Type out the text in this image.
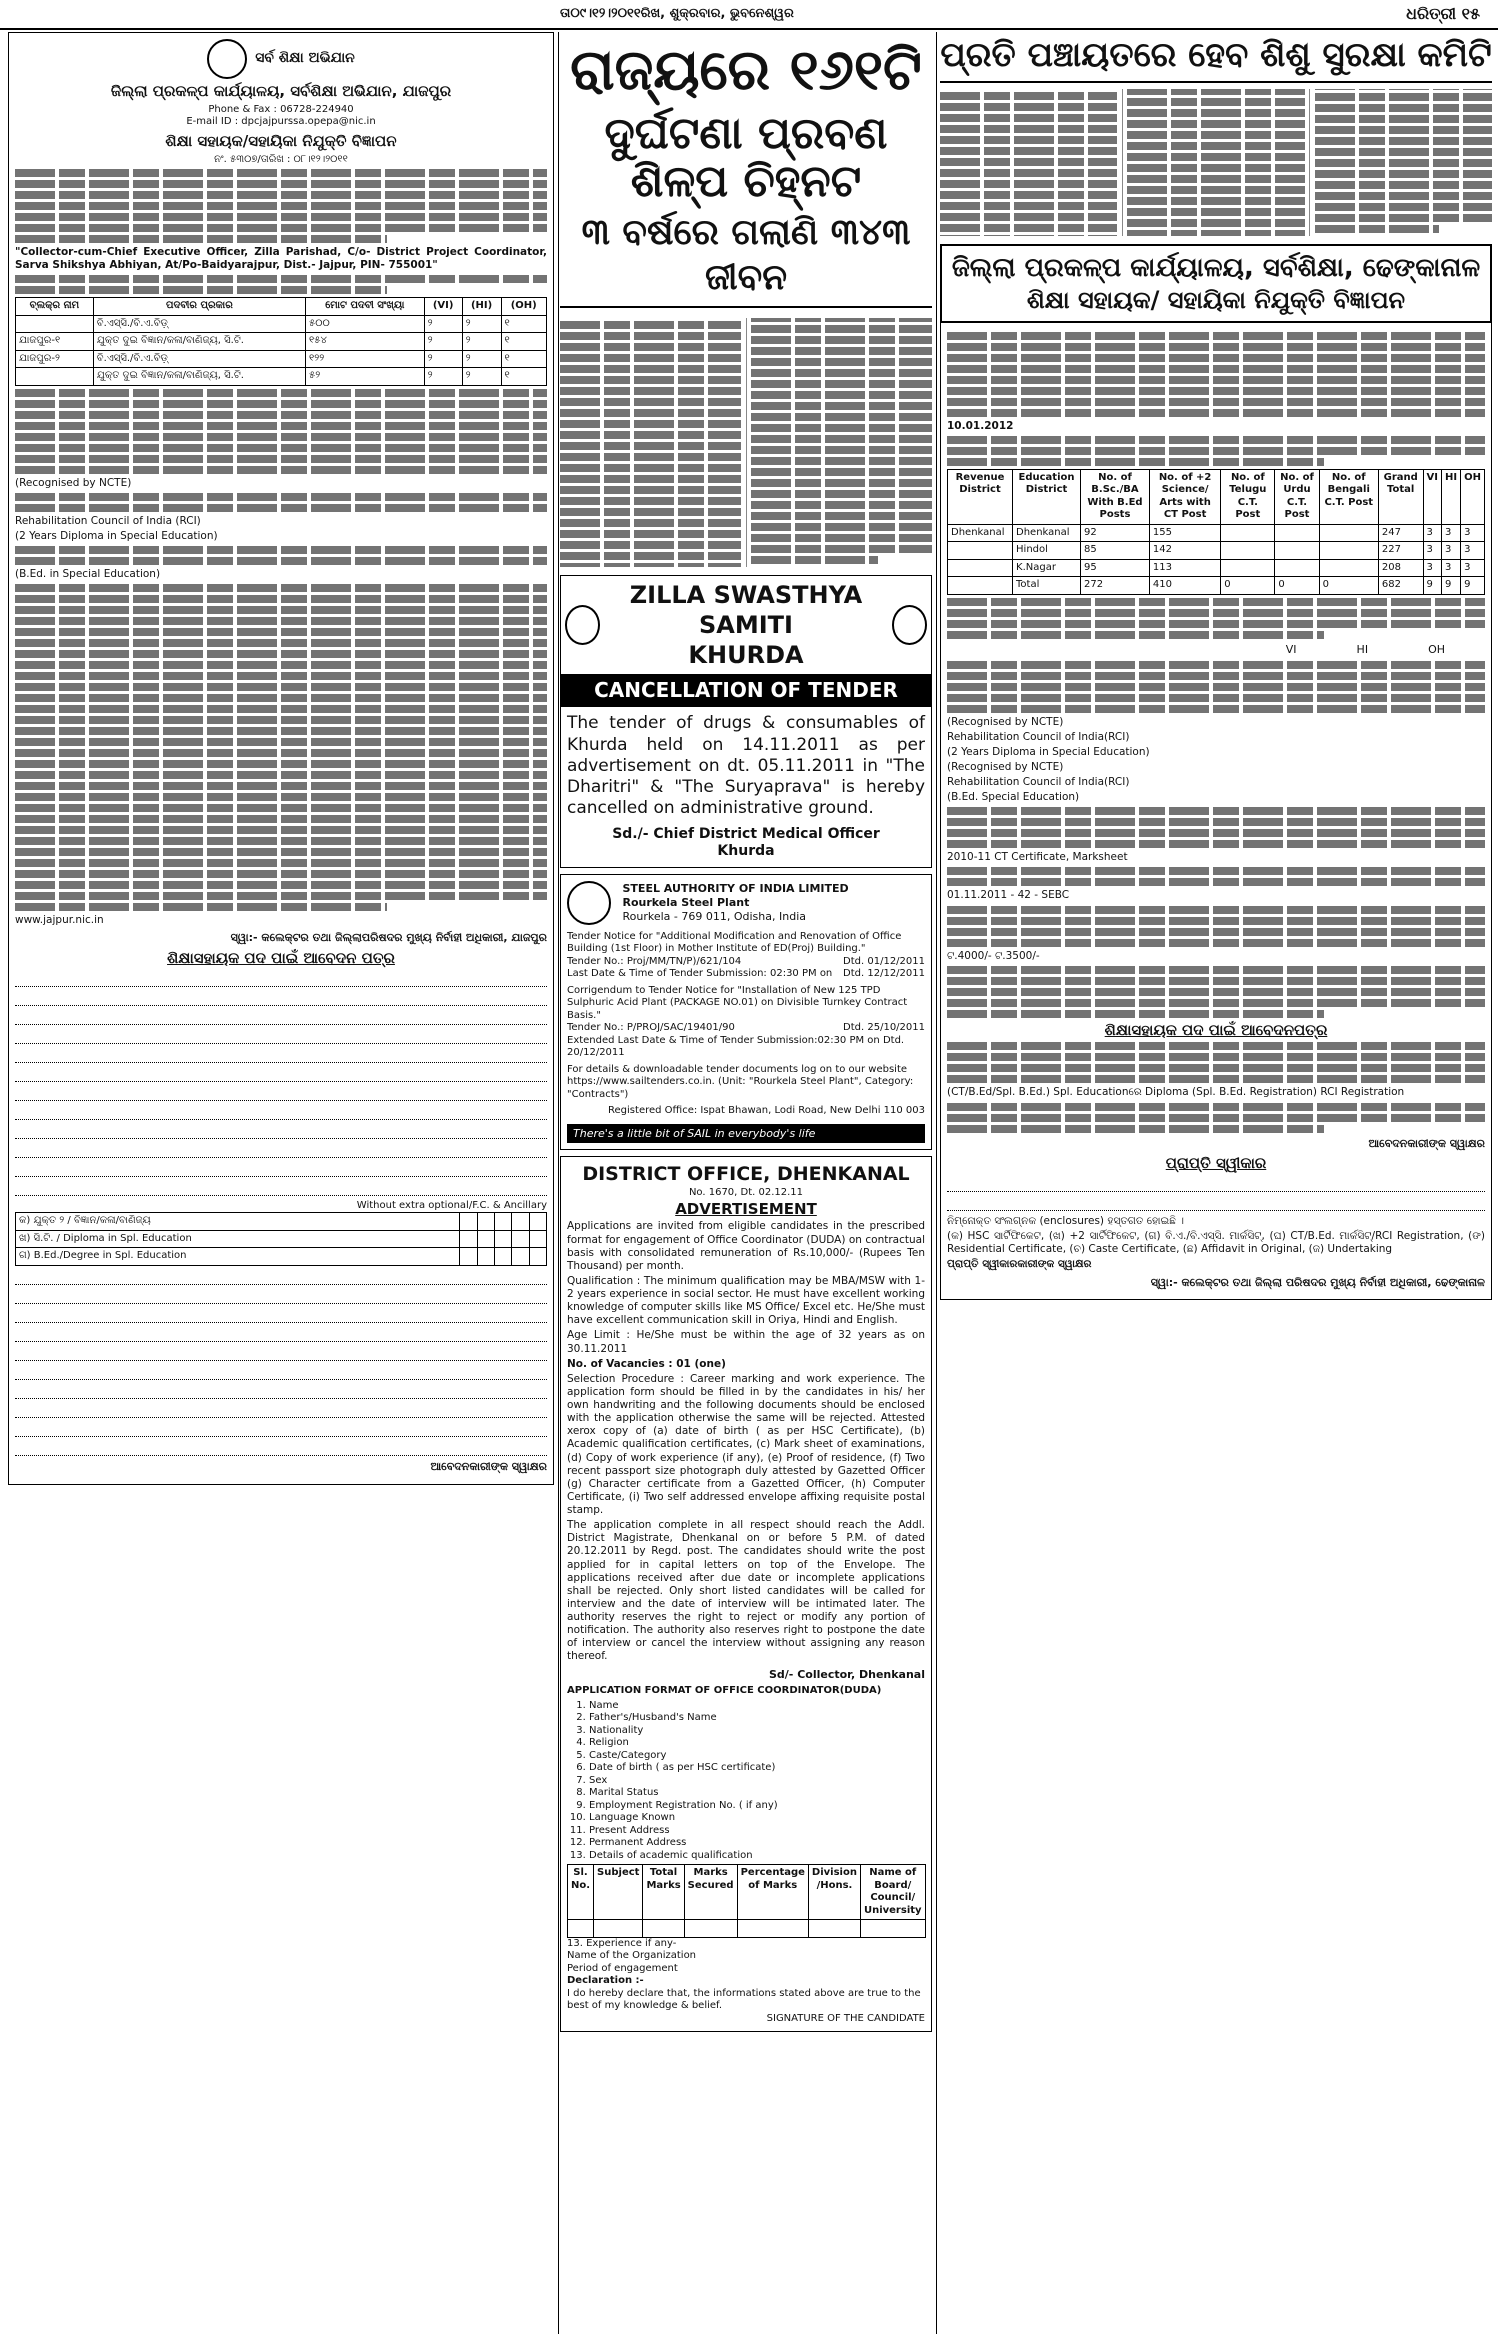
ତା୦୯।୧୨।୨୦୧୧ରିଖ, ଶୁକ୍ରବାର, ଭୁବନେଶ୍ୱର	ଧରିତ୍ରୀ ୧୫
ସର୍ବ ଶିକ୍ଷା ଅଭିଯାନ
ଜିଲ୍ଲା ପ୍ରକଳ୍ପ କାର୍ଯ୍ୟାଳୟ, ସର୍ବଶିକ୍ଷା ଅଭିଯାନ, ଯାଜପୁର
Phone & Fax : 06728-224940
E-mail ID : dpcjajpurssa.opepa@nic.in
ଶିକ୍ଷା ସହାୟକ/ସହାୟିକା ନିଯୁକ୍ତି ବିଜ୍ଞାପନ
ନଂ. ୫୩୦୭/ତାରିଖ : ୦୮।୧୨।୨୦୧୧
"Collector-cum-Chief Executive Officer, Zilla Parishad, C/o- District Project Coordinator, Sarva Shikshya Abhiyan, At/Po-Baidyarajpur, Dist.- Jajpur, PIN- 755001"
ବ୍ଲକ୍‌ର ନାମ	ପଦବୀର ପ୍ରକାର	ମୋଟ ପଦବୀ ସଂଖ୍ୟା	(VI)	(HI)	(OH)
	ବି.ଏସ୍‌ସି./ବି.ଏ.ବିଡ଼୍	୫୦୦	୨	୨	୧
ଯାଜପୁର-୧	ଯୁକ୍ତ ଦୁଇ ବିଜ୍ଞାନ/କଳା/ବାଣିଜ୍ୟ, ସି.ଟି.	୧୫୪	୨	୨	୧
ଯାଜପୁର-୨	ବି.ଏସ୍‌ସି./ବି.ଏ.ବିଡ଼୍	୧୨୨	୨	୨	୧
	ଯୁକ୍ତ ଦୁଇ ବିଜ୍ଞାନ/କଳା/ବାଣିଜ୍ୟ, ସି.ଟି.	୫୨	୨	୨	୧
(Recognised by NCTE)
Rehabilitation Council of India (RCI)
(2 Years Diploma in Special Education)
(B.Ed. in Special Education)
www.jajpur.nic.in
ସ୍ୱା:- କଲେକ୍ଟର ତଥା ଜିଲ୍ଲାପରିଷଦର ମୁଖ୍ୟ ନିର୍ବାହୀ ଅଧିକାରୀ, ଯାଜପୁର
ଶିକ୍ଷାସହାୟକ ପଦ ପାଇଁ ଆବେଦନ ପତ୍ର
Without extra optional/F.C. & Ancillary
କ) ଯୁକ୍ତ ୨ / ବିଜ୍ଞାନ/କଳା/ବାଣିଜ୍ୟ					
ଖ) ସି.ଟି. / Diploma in Spl. Education					
ଗ) B.Ed./Degree in Spl. Education					
ଆବେଦନକାରୀଙ୍କ ସ୍ୱାକ୍ଷର
ରାଜ୍ୟରେ ୧୬୧ଟି
ଦୁର୍ଘଟଣା ପ୍ରବଣ ଶିଳ୍ପ ଚିହ୍ନଟ
୩ ବର୍ଷରେ ଗଲାଣି ୩୪୩ ଜୀବନ
ZILLA SWASTHYA SAMITI
KHURDA
CANCELLATION OF TENDER
The tender of drugs & consumables of Khurda held on 14.11.2011 as per advertisement on dt. 05.11.2011 in "The Dharitri" & "The Suryaprava" is hereby cancelled on administrative ground.
Sd./- Chief District Medical Officer
Khurda
STEEL AUTHORITY OF INDIA LIMITED
Rourkela Steel Plant
Rourkela - 769 011, Odisha, India
Tender Notice for "Additional Modification and Renovation of Office Building (1st Floor) in Mother Institute of ED(Proj) Building."
Tender No.: Proj/MM/TN/P)/621/104	Dtd. 01/12/2011
Last Date & Time of Tender Submission: 02:30 PM on Dtd. 12/12/2011
Corrigendum to Tender Notice for "Installation of New 125 TPD Sulphuric Acid Plant (PACKAGE NO.01) on Divisible Turnkey Contract Basis."
Tender No.: P/PROJ/SAC/19401/90	Dtd. 25/10/2011
Extended Last Date & Time of Tender Submission:02:30 PM on Dtd. 20/12/2011
For details & downloadable tender documents log on to our website https://www.sailtenders.co.in. (Unit: "Rourkela Steel Plant", Category: "Contracts")
Registered Office: Ispat Bhawan, Lodi Road, New Delhi 110 003
There's a little bit of SAIL in everybody's life
DISTRICT OFFICE, DHENKANAL
No. 1670, Dt. 02.12.11
ADVERTISEMENT
Applications are invited from eligible candidates in the prescribed format for engagement of Office Coordinator (DUDA) on contractual basis with consolidated remuneration of Rs.10,000/- (Rupees Ten Thousand) per month.
Qualification : The minimum qualification may be MBA/MSW with 1-2 years experience in social sector. He must have excellent working knowledge of computer skills like MS Office/ Excel etc. He/She must have excellent communication skill in Oriya, Hindi and English.
Age Limit : He/She must be within the age of 32 years as on 30.11.2011
No. of Vacancies : 01 (one)
Selection Procedure : Career marking and work experience. The application form should be filled in by the candidates in his/ her own handwriting and the following documents should be enclosed with the application otherwise the same will be rejected. Attested xerox copy of (a) date of birth ( as per HSC Certificate), (b) Academic qualification certificates, (c) Mark sheet of examinations, (d) Copy of work experience (if any), (e) Proof of residence, (f) Two recent passport size photograph duly attested by Gazetted Officer (g) Character certificate from a Gazetted Officer, (h) Computer Certificate, (i) Two self addressed envelope affixing requisite postal stamp.
The application complete in all respect should reach the Addl. District Magistrate, Dhenkanal on or before 5 P.M. of dated 20.12.2011 by Regd. post. The candidates should write the post applied for in capital letters on top of the Envelope. The applications received after due date or incomplete applications shall be rejected. Only short listed candidates will be called for interview and the date of interview will be intimated later. The authority reserves the right to reject or modify any portion of notification. The authority also reserves right to postpone the date of interview or cancel the interview without assigning any reason thereof.
Sd/- Collector, Dhenkanal
APPLICATION FORMAT OF OFFICE COORDINATOR(DUDA)
1. Name
2. Father's/Husband's Name
3. Nationality
4. Religion
5. Caste/Category
6. Date of birth ( as per HSC certificate)
7. Sex
8. Marital Status
9. Employment Registration No. ( if any)
10. Language Known
11. Present Address
12. Permanent Address
13. Details of academic qualification
Sl. No.	Subject	Total Marks	Marks Secured	Percentage of Marks	Division /Hons.	Name of Board/ Council/ University

13. Experience if any-
Name of the Organization
Period of engagement
Declaration :-
I do hereby declare that, the informations stated above are true to the best of my knowledge & belief.
SIGNATURE OF THE CANDIDATE
ପ୍ରତି ପଞ୍ଚାୟତରେ ହେବ ଶିଶୁ ସୁରକ୍ଷା କମିଟି
ଜିଲ୍ଲା ପ୍ରକଳ୍ପ କାର୍ଯ୍ୟାଳୟ, ସର୍ବଶିକ୍ଷା, ଢେଙ୍କାନାଳ
ଶିକ୍ଷା ସହାୟକ/ ସହାୟିକା ନିଯୁକ୍ତି ବିଜ୍ଞାପନ
10.01.2012
Revenue District	Education District	No. of B.Sc./BA With B.Ed Posts	No. of +2 Science/ Arts with CT Post	No. of Telugu C.T. Post	No. of Urdu C.T. Post	No. of Bengali C.T. Post	Grand Total	VI	HI	OH
Dhenkanal	Dhenkanal	92	155				247	3	3	3
	Hindol	85	142				227	3	3	3
	K.Nagar	95	113				208	3	3	3
	Total	272	410	0	0	0	682	9	9	9
VI	HI	OH
(Recognised by NCTE)
Rehabilitation Council of India(RCI)
(2 Years Diploma in Special Education)
(Recognised by NCTE)
Rehabilitation Council of India(RCI)
(B.Ed. Special Education)
2010-11 CT Certificate, Marksheet
01.11.2011 - 42 - SEBC
ଟ.4000/- ଟ.3500/-
ଶିକ୍ଷାସହାୟକ ପଦ ପାଇଁ ଆବେଦନପତ୍ର
(CT/B.Ed/Spl. B.Ed.) Spl. Educationରେ Diploma (Spl. B.Ed. Registration) RCI Registration
ଆବେଦନକାରୀଙ୍କ ସ୍ୱାକ୍ଷର
ପ୍ରାପ୍ତି ସ୍ୱୀକାର
ନିମ୍ନୋକ୍ତ ସଂଲଗ୍ନକ (enclosures) ହସ୍ତଗତ ହୋଇଛି ।
(କ) HSC ସାର୍ଟିଫିକେଟ, (ଖ) +2 ସାର୍ଟିଫିକେଟ, (ଗ) ବି.ଏ./ବି.ଏସ୍‌ସି. ମାର୍କସିଟ୍, (ଘ) CT/B.Ed. ମାର୍କସିଟ୍/RCI Registration, (ଙ) Residential Certificate, (ଚ) Caste Certificate, (ଛ) Affidavit in Original, (ଜ) Undertaking
ପ୍ରାପ୍ତି ସ୍ୱୀକାରକାରୀଙ୍କ ସ୍ୱାକ୍ଷର
ସ୍ୱା:- କଲେକ୍ଟର ତଥା ଜିଲ୍ଲା ପରିଷଦର ମୁଖ୍ୟ ନିର୍ବାହୀ ଅଧିକାରୀ, ଢେଙ୍କାନାଳ
